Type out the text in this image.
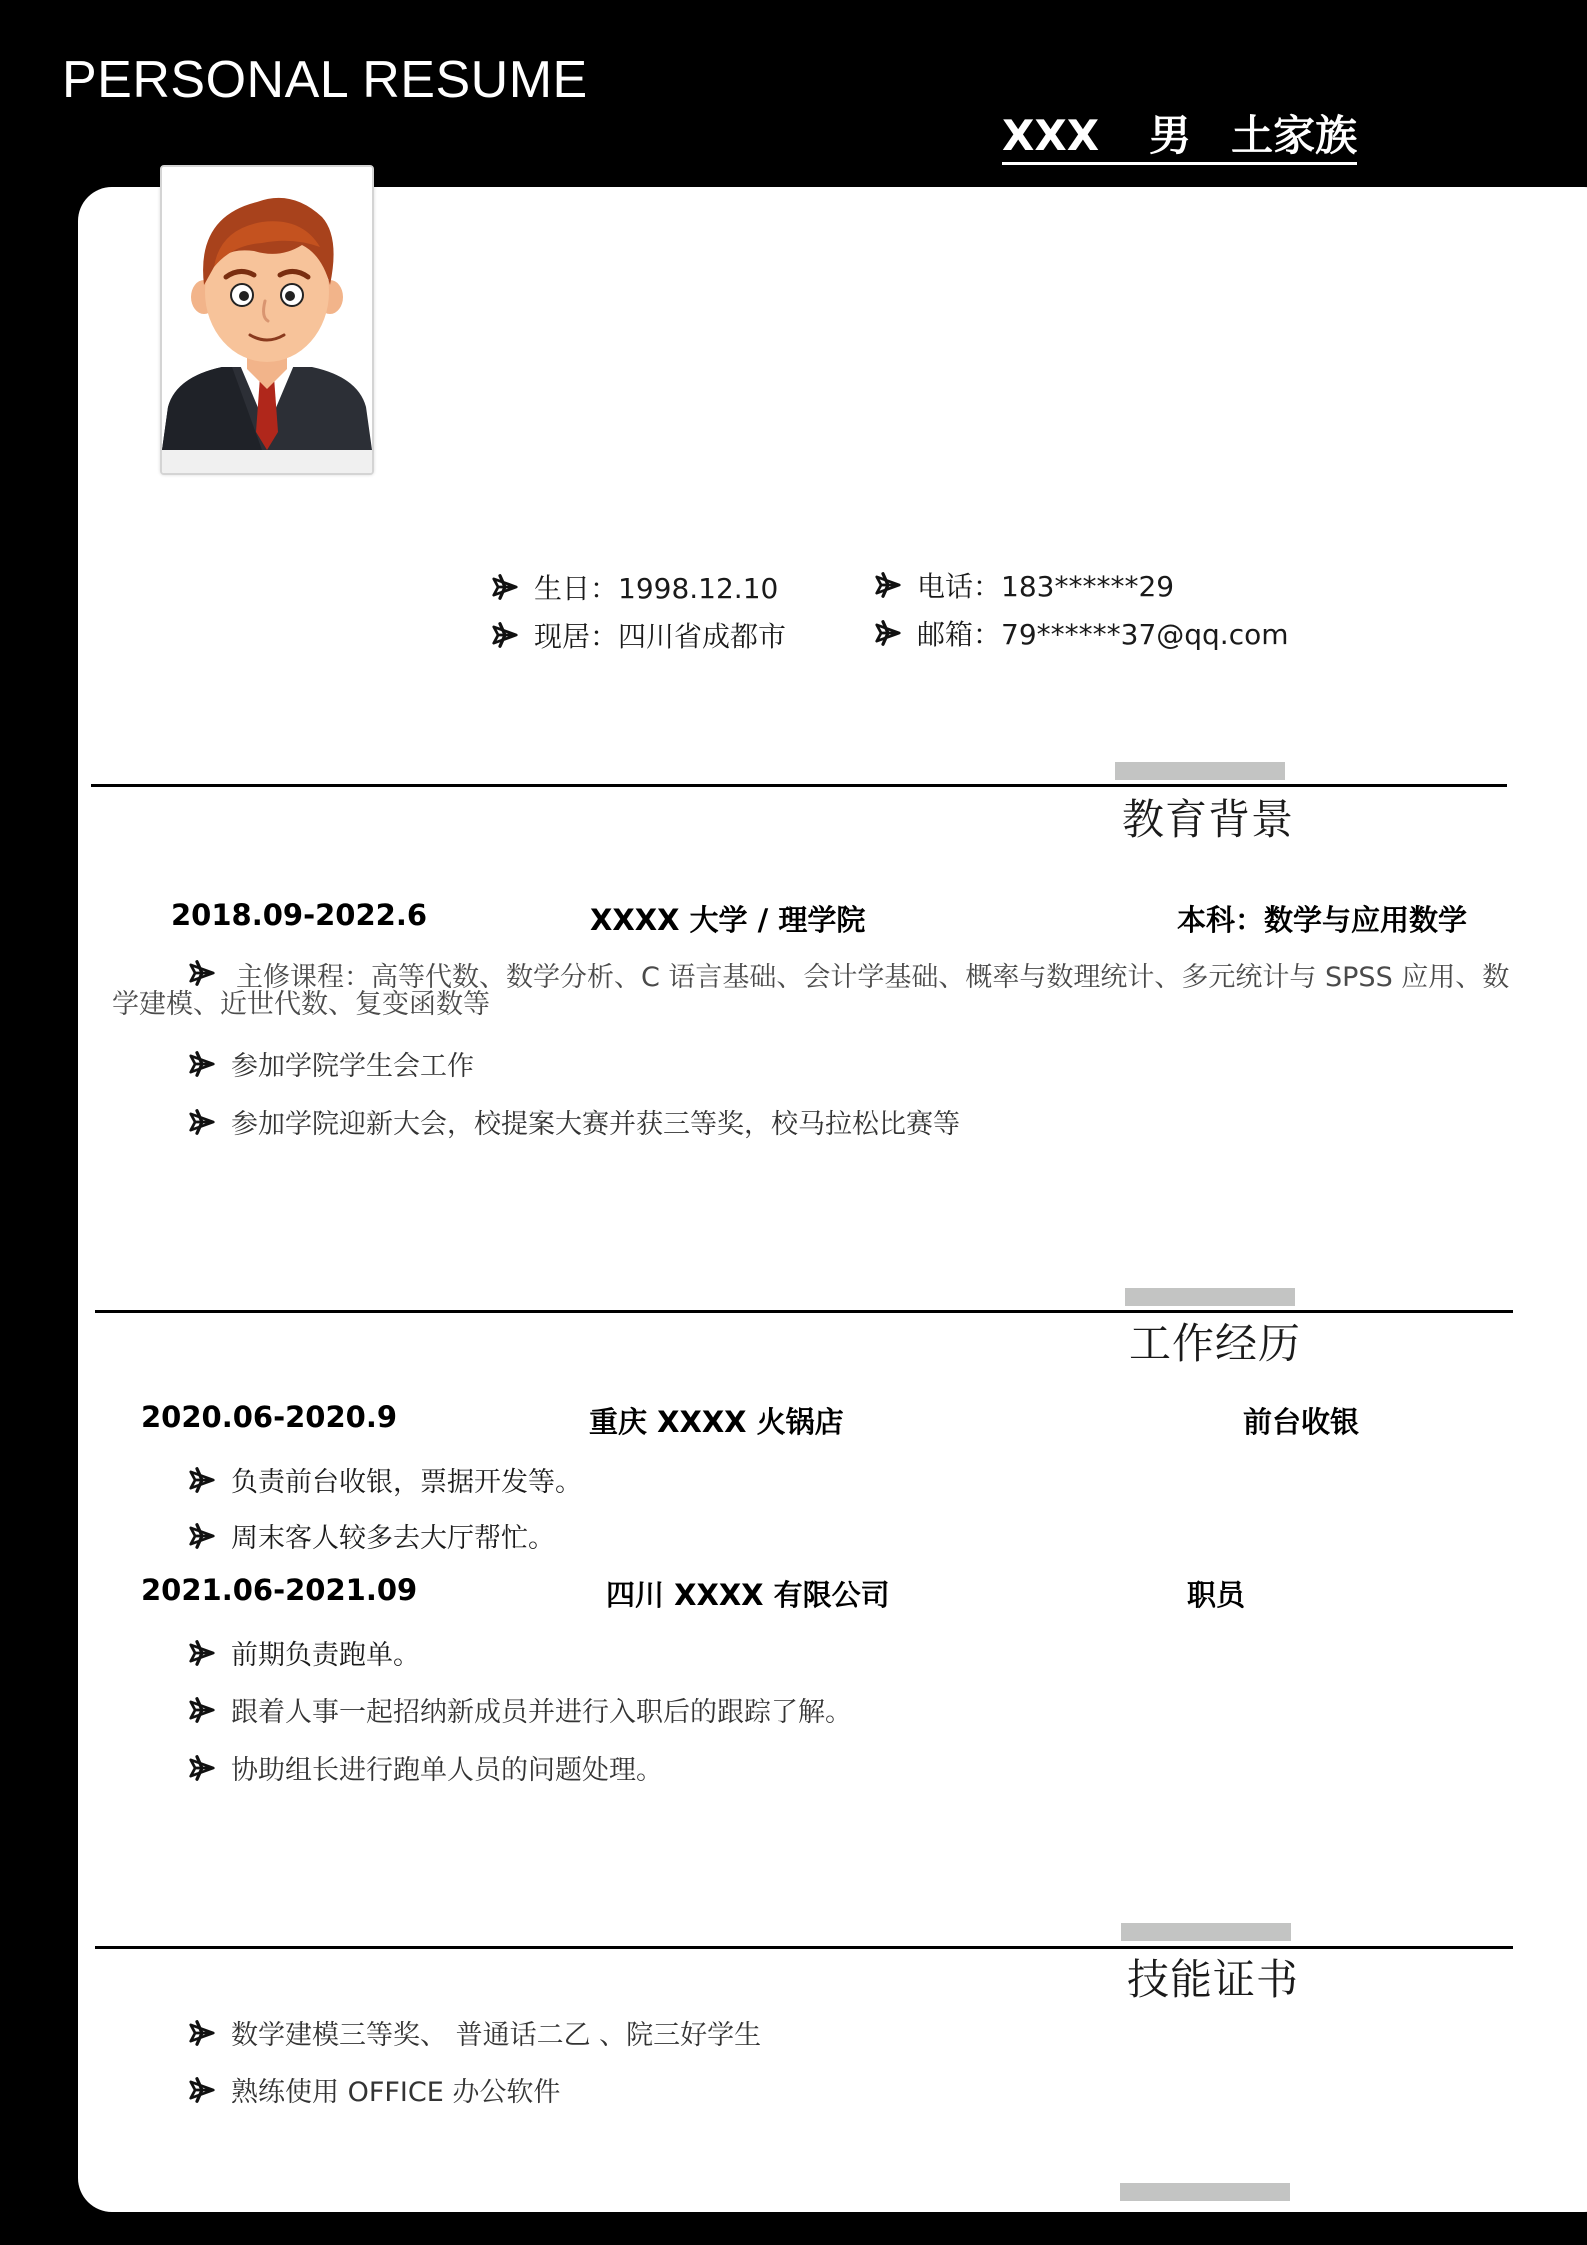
PERSONAL RESUME
XXX 男 土家族
生日：1998.12.10
现居：四川省成都市
电话：183******29
邮箱：79******37@qq.com
教育背景
2018.09-2022.6	XXXX 大学 / 理学院	本科：数学与应用数学
主修课程：高等代数、数学分析、C 语言基础、会计学基础、概率与数理统计、多元统计与 SPSS 应用、数学建模、近世代数、复变函数等
参加学院学生会工作
参加学院迎新大会，校提案大赛并获三等奖，校马拉松比赛等
工作经历
2020.06-2020.9	重庆 XXXX 火锅店	前台收银
负责前台收银，票据开发等。
周末客人较多去大厅帮忙。
2021.06-2021.09	四川 XXXX 有限公司	职员
前期负责跑单。
跟着人事一起招纳新成员并进行入职后的跟踪了解。
协助组长进行跑单人员的问题处理。
技能证书
数学建模三等奖、 普通话二乙 、院三好学生
熟练使用 OFFICE 办公软件
